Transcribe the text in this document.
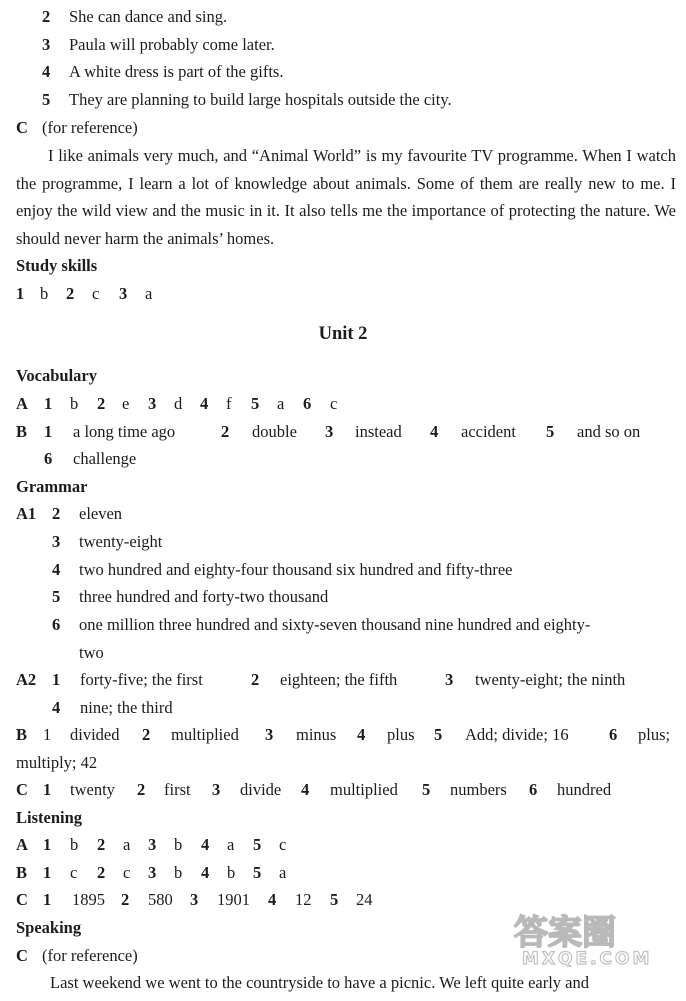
2 She can dance and sing.
3 Paula will probably come later.
4 A white dress is part of the gifts.
5 They are planning to build large hospitals outside the city.
C (for reference)

I like animals very much, and “Animal World” is my favourite TV programme. When I watch the programme, I learn a lot of knowledge about animals. Some of them are really new to me. I enjoy the wild view and the music in it. It also tells me the importance of protecting the nature. We should never harm the animals’ homes.

Study skills
1 b 2 c 3 a
Unit 2
Vocabulary
A 1 b 2 e 3 d 4 f 5 a 6 c
B 1 a long time ago	2 double 3 instead 4 accident 5 and so on
6 challenge
Grammar
A1 2 eleven
3 twenty-eight
4 two hundred and eighty-four thousand six hundred and fifty-three
5 three hundred and forty-two thousand
6 one million three hundred and sixty-seven thousand nine hundred and eighty-
two
A2 1 forty-five; the first	2 eighteen; the fifth	3 twenty-eight; the ninth
4 nine; the third
B 1 divided 2 multiplied 3 minus 4 plus 5 Add; divide; 16 6 plus;
multiply; 42
C 1 twenty 2 first 3 divide 4 multiplied 5 numbers 6 hundred
Listening
A 1 b 2 a 3 b 4 a 5 c
B 1 c 2 c 3 b 4 b 5 a
C 1 1895 2 580 3 1901 4 12 5 24
Speaking
C (for reference)
Last weekend we went to the countryside to have a picnic. We left quite early and
答案圈
MXQE.COM
